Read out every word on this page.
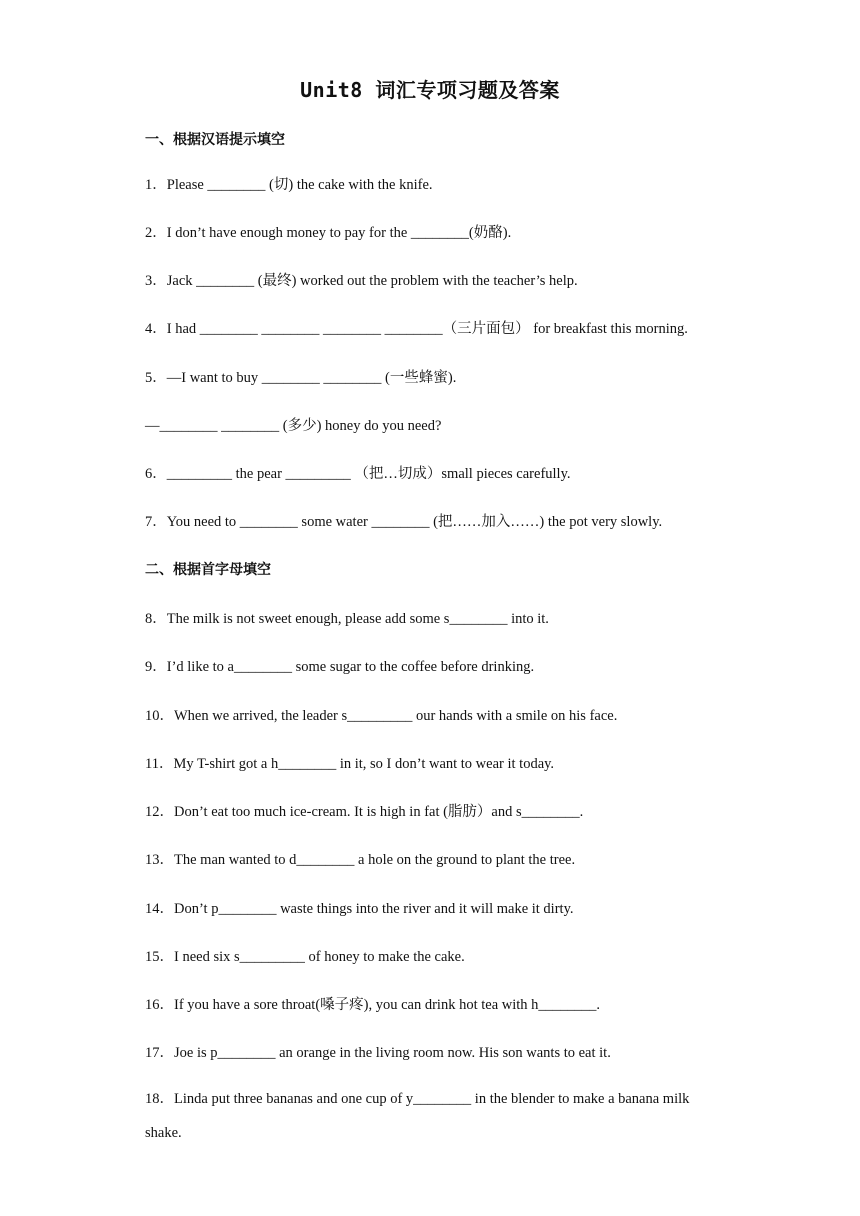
Unit8 词汇专项习题及答案
一、根据汉语提示填空
1．Please ________ (切) the cake with the knife.
2．I don’t have enough money to pay for the ________(奶酪).
3．Jack ________ (最终) worked out the problem with the teacher’s help.
4．I had ________ ________ ________ ________（三片面包） for breakfast this morning.
5．—I want to buy ________ ________ (一些蜂蜜).
—________ ________ (多少) honey do you need?
6．_________ the pear _________ （把…切成）small pieces carefully.
7．You need to ________ some water ________ (把……加入……) the pot very slowly.
二、根据首字母填空
8．The milk is not sweet enough, please add some s________ into it.
9．I’d like to a________ some sugar to the coffee before drinking.
10．When we arrived, the leader s_________ our hands with a smile on his face.
11．My T-shirt got a h________ in it, so I don’t want to wear it today.
12．Don’t eat too much ice-cream. It is high in fat (脂肪）and s________.
13．The man wanted to d________ a hole on the ground to plant the tree.
14．Don’t p________ waste things into the river and it will make it dirty.
15．I need six s_________ of honey to make the cake.
16．If you have a sore throat(嗓子疼), you can drink hot tea with h________.
17．Joe is p________ an orange in the living room now. His son wants to eat it.
18．Linda put three bananas and one cup of y________ in the blender to make a banana milk shake.
